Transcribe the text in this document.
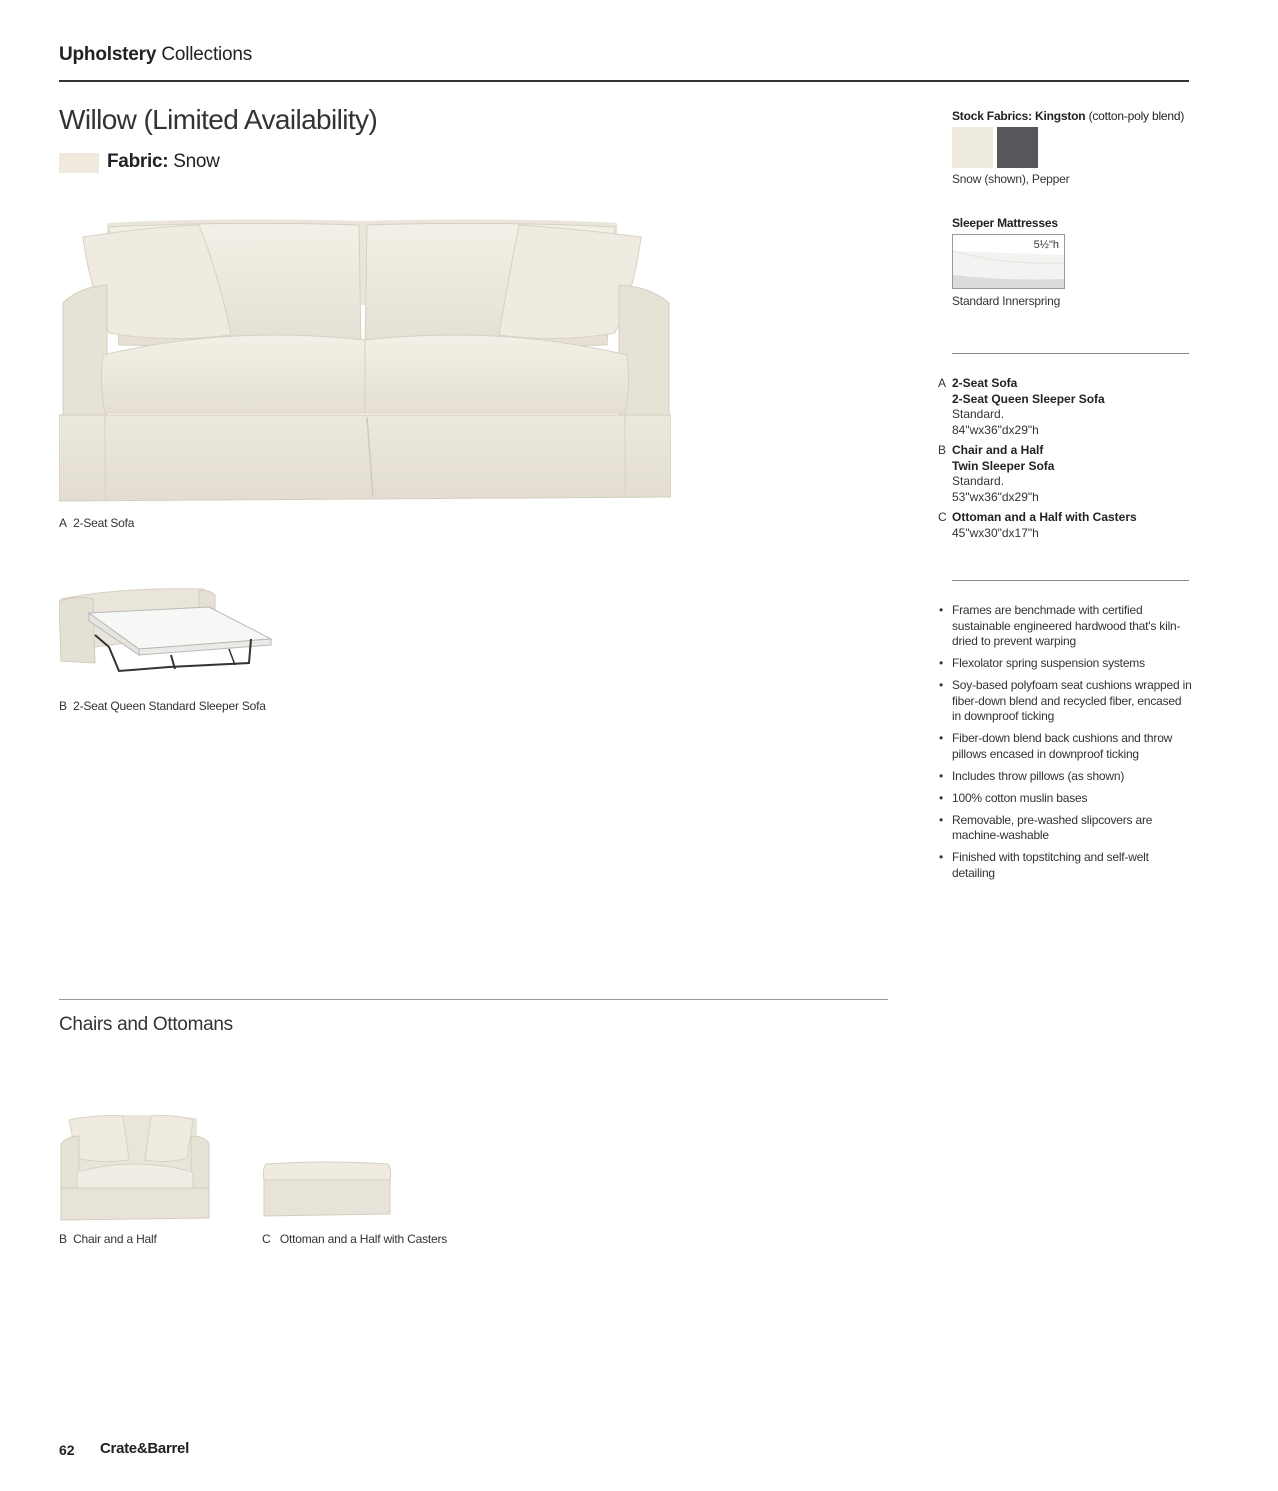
Upholstery Collections
Willow (Limited Availability)
Fabric: Snow
A 2-Seat Sofa
B 2-Seat Queen Standard Sleeper Sofa
Chairs and Ottomans
B Chair and a Half	C Ottoman and a Half with Casters
Stock Fabrics: Kingston (cotton-poly blend)
Snow (shown), Pepper
Sleeper Mattresses
5½"h
Standard Innerspring
A 2-Seat Sofa
2-Seat Queen Sleeper Sofa
Standard.
84"wx36"dx29"h
B Chair and a Half
Twin Sleeper Sofa
Standard.
53"wx36"dx29"h
C Ottoman and a Half with Casters
45"wx30"dx17"h
• Frames are benchmade with certified sustainable engineered hardwood that's kiln-dried to prevent warping
• Flexolator spring suspension systems
• Soy-based polyfoam seat cushions wrapped in fiber-down blend and recycled fiber, encased in downproof ticking
• Fiber-down blend back cushions and throw pillows encased in downproof ticking
• Includes throw pillows (as shown)
• 100% cotton muslin bases
• Removable, pre-washed slipcovers are machine-washable
• Finished with topstitching and self-welt detailing
62 Crate&Barrel
